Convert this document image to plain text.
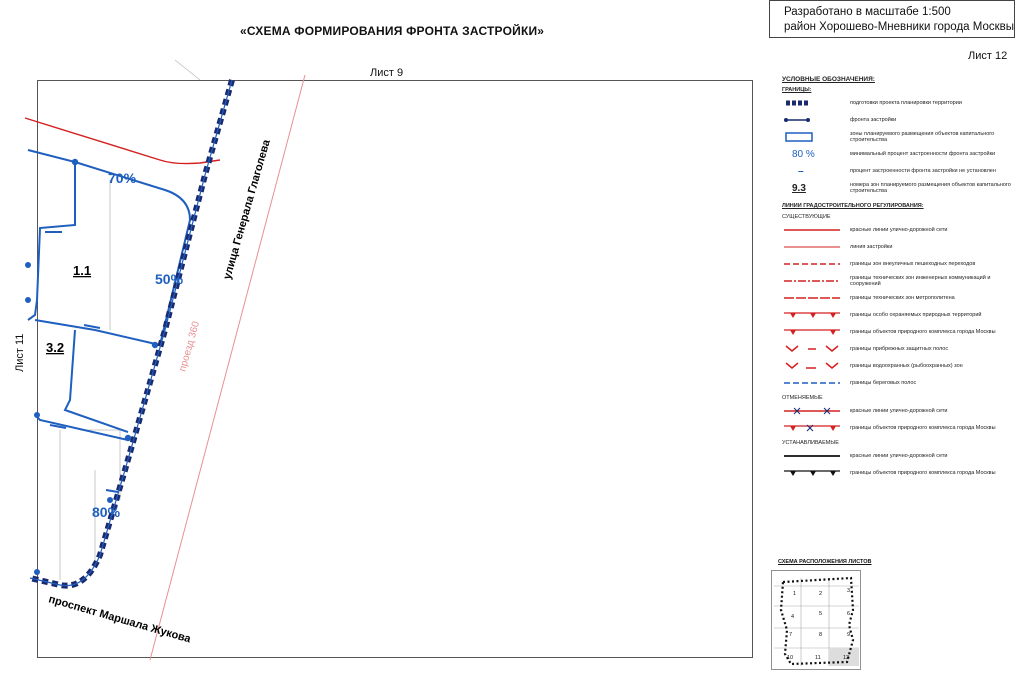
«СХЕМА ФОРМИРОВАНИЯ ФРОНТА ЗАСТРОЙКИ»
Разработано в масштабе 1:500
район Хорошево-Мневники города Москвы
Лист 12
Лист 9
Лист 11
1.1
3.2
70%
50%
80%
улица Генерала Глаголева
проезд 360
проспект Маршала Жукова
УСЛОВНЫЕ ОБОЗНАЧЕНИЯ:
ГРАНИЦЫ:
подготовки проекта планировки территории
фронта застройки
зоны планируемого размещения объектов капитального строительства
80 %	минимальный процент застроенности фронта застройки
–	процент застроенности фронта застройки не установлен
9.3	номера зон планируемого размещения объектов капитального строительства
ЛИНИИ ГРАДОСТРОИТЕЛЬНОГО РЕГУЛИРОВАНИЯ:
СУЩЕСТВУЮЩИЕ
красные линии улично-дорожной сети
линия застройки
границы зон внеуличных пешеходных переходов
границы технических зон инженерных коммуникаций и сооружений
границы технических зон метрополитена
границы особо охраняемых природных территорий
границы объектов природного комплекса города Москвы
границы прибрежных защитных полос
границы водоохранных (рыбоохранных) зон
границы береговых полос
ОТМЕНЯЕМЫЕ
красные линии улично-дорожной сети
границы объектов природного комплекса города Москвы
УСТАНАВЛИВАЕМЫЕ
красные линии улично-дорожной сети
границы объектов природного комплекса города Москвы
СХЕМА РАСПОЛОЖЕНИЯ ЛИСТОВ
1	2	3
4	5	6
7	8	9
10	11	12
